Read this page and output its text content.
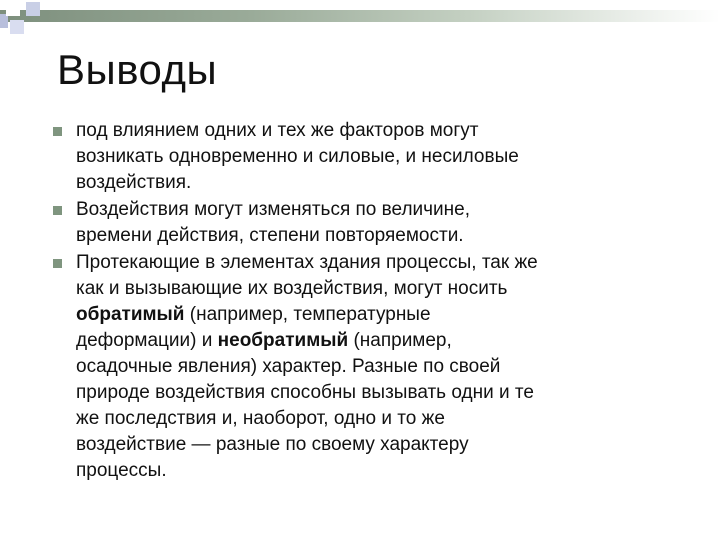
Выводы
под влиянием одних и тех же факторов могут
возникать одновременно и силовые, и несиловые
воздействия.
Воздействия могут изменяться по величине,
времени действия, степени повторяемости.
Протекающие в элементах здания процессы, так же
как и вызывающие их воздействия, могут носить
обратимый (например, температурные
деформации) и необратимый (например,
осадочные явления) характер. Разные по своей
природе воздействия способны вызывать одни и те
же последствия и, наоборот, одно и то же
воздействие — разные по своему характеру
процессы.
